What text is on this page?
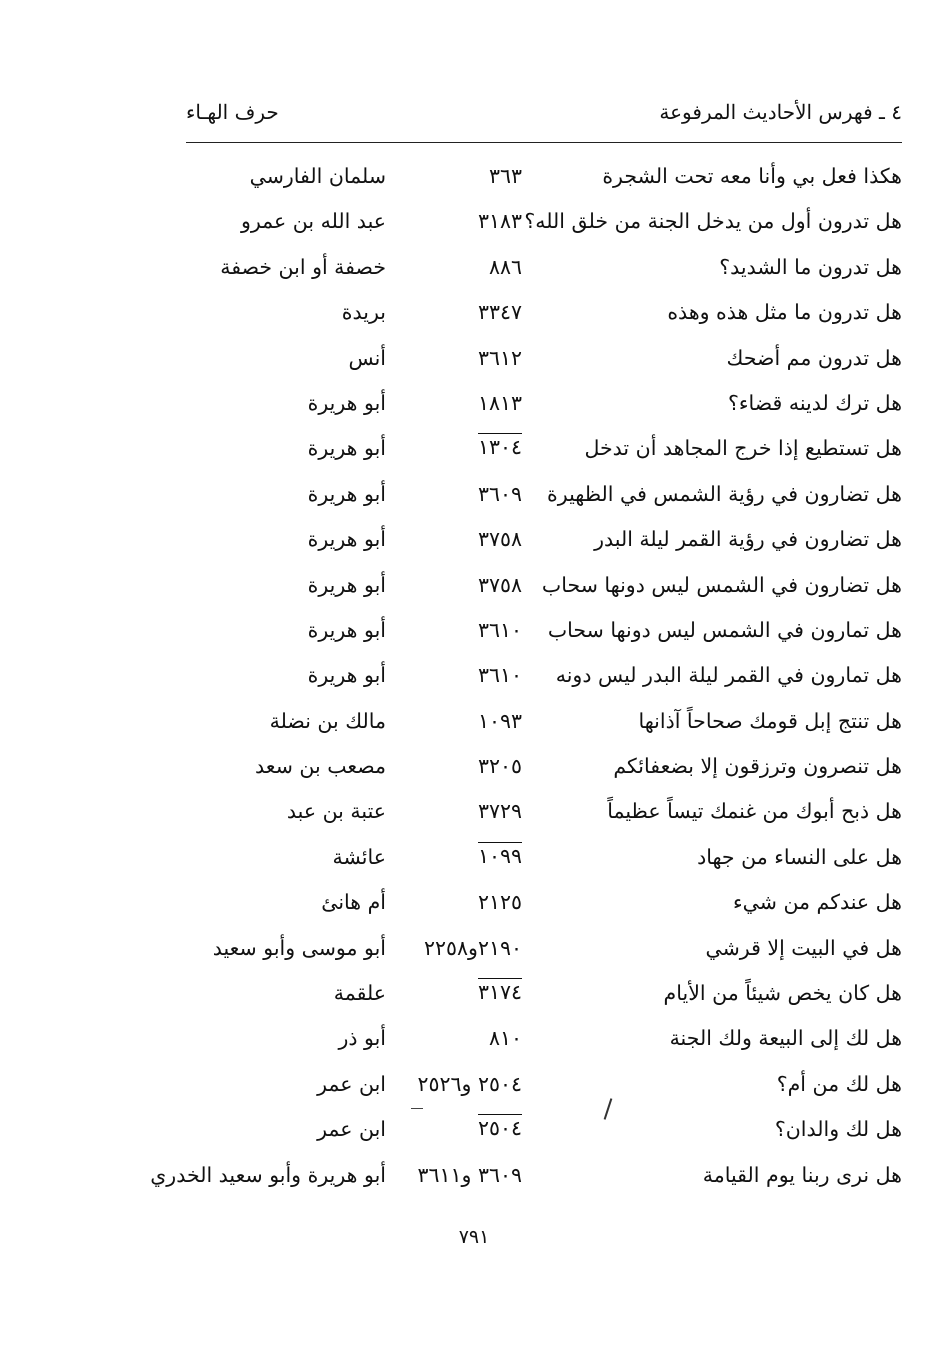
٤ ـ فهرس الأحاديث المرفوعة
حرف الهـاء
هكذا فعل بي وأنا معه تحت الشجرة
٣٦٣
سلمان الفارسي
هل تدرون أول من يدخل الجنة من خلق الله؟
٣١٨٣
عبد الله بن عمرو
هل تدرون ما الشديد؟
٨٨٦
خصفة أو ابن خصفة
هل تدرون ما مثل هذه وهذه
٣٣٤٧
بريدة
هل تدرون مم أضحك
٣٦١٢
أنس
هل ترك لدينه قضاء؟
١٨١٣
أبو هريرة
هل تستطيع إذا خرج المجاهد أن تدخل
١٣٠٤
أبو هريرة
هل تضارون في رؤية الشمس في الظهيرة
٣٦٠٩
أبو هريرة
هل تضارون في رؤية القمر ليلة البدر
٣٧٥٨
أبو هريرة
هل تضارون في الشمس ليس دونها سحاب
٣٧٥٨
أبو هريرة
هل تمارون في الشمس ليس دونها سحاب
٣٦١٠
أبو هريرة
هل تمارون في القمر ليلة البدر ليس دونه
٣٦١٠
أبو هريرة
هل تنتج إبل قومك صحاحاً آذانها
١٠٩٣
مالك بن نضلة
هل تنصرون وترزقون إلا بضعفائكم
٣٢٠٥
مصعب بن سعد
هل ذبح أبوك من غنمك تيساً عظيماً
٣٧٢٩
عتبة بن عبد
هل على النساء من جهاد
١٠٩٩
عائشة
هل عندكم من شيء
٢١٢٥
أم هانئ
هل في البيت إلا قرشي
٢١٩٠و٢٢٥٨
أبو موسى وأبو سعيد
هل كان يخص شيئاً من الأيام
٣١٧٤
علقمة
هل لك إلى البيعة ولك الجنة
٨١٠
أبو ذر
هل لك من أم؟
٢٥٠٤ و٢٥٢٦
ابن عمر
هل لك والدان؟
٢٥٠٤
ابن عمر
هل نرى ربنا يوم القيامة
٣٦٠٩ و٣٦١١
أبو هريرة وأبو سعيد الخدري
٧٩١
